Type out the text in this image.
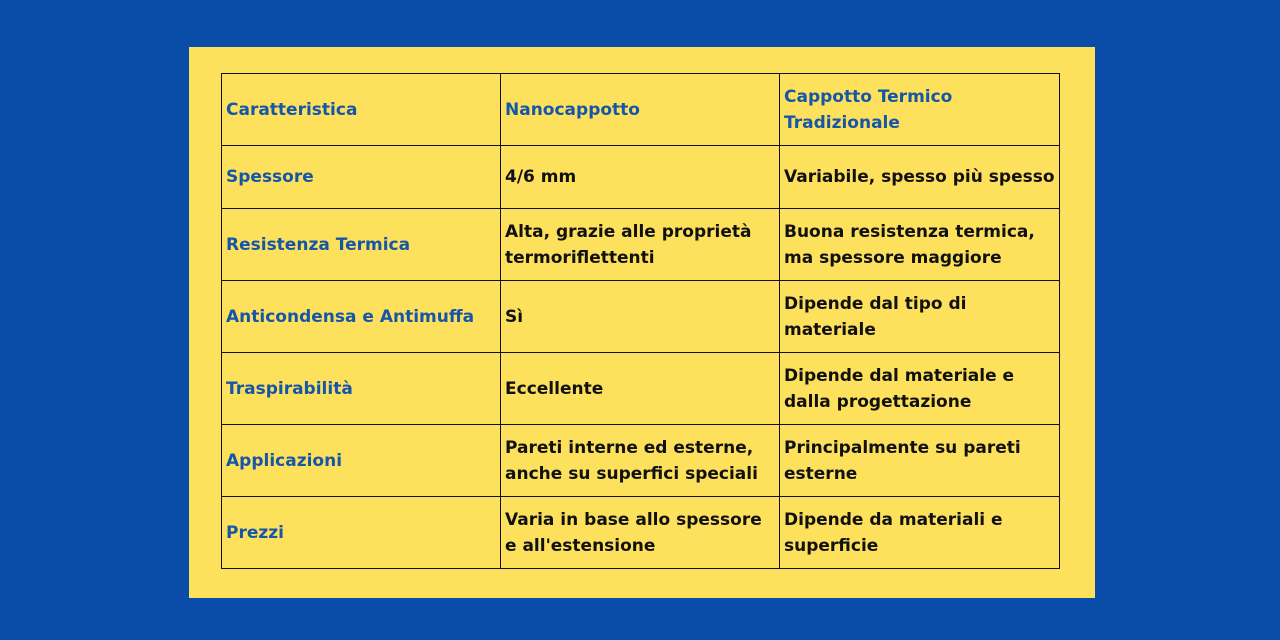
Caratteristica	Nanocappotto	Cappotto Termico Tradizionale
Spessore	4/6 mm	Variabile, spesso più spesso
Resistenza Termica	Alta, grazie alle proprietà termoriflettenti	Buona resistenza termica, ma spessore maggiore
Anticondensa e Antimuffa	Sì	Dipende dal tipo di materiale
Traspirabilità	Eccellente	Dipende dal materiale e dalla progettazione
Applicazioni	Pareti interne ed esterne, anche su superfici speciali	Principalmente su pareti esterne
Prezzi	Varia in base allo spessore e all'estensione	Dipende da materiali e superficie
